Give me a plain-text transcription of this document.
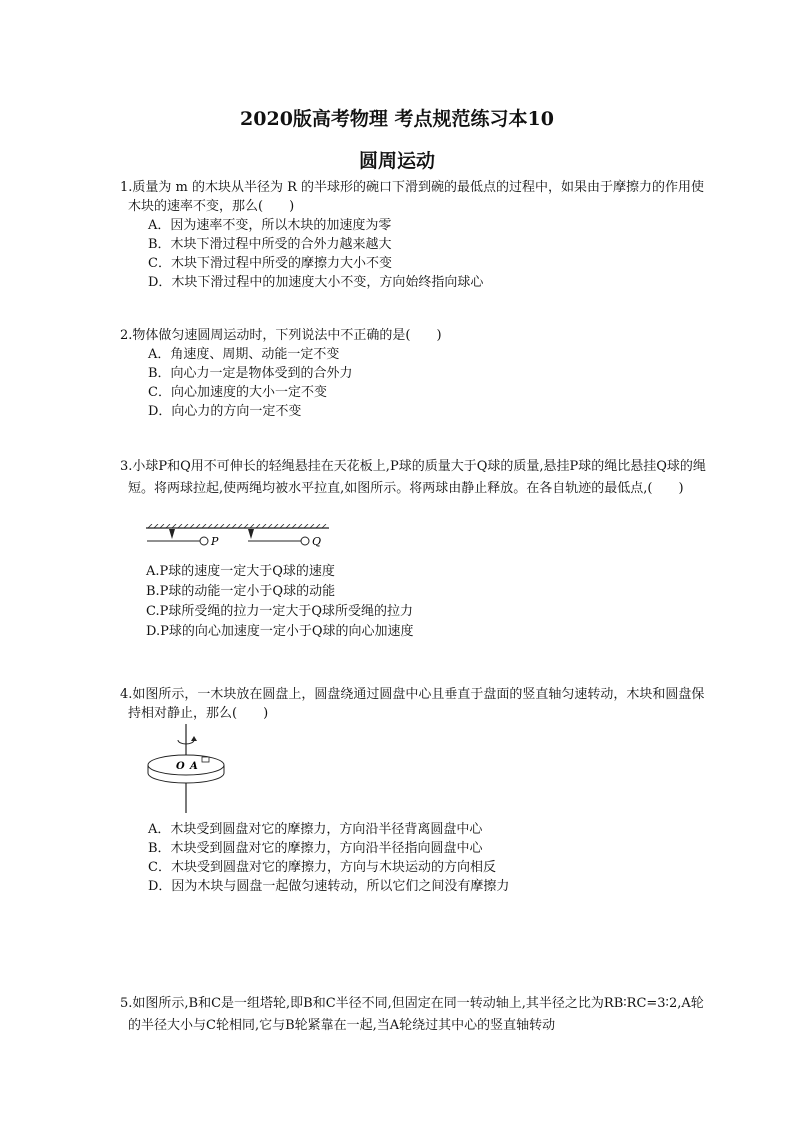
2020版高考物理 考点规范练习本10
圆周运动
1.质量为 m 的木块从半径为 R 的半球形的碗口下滑到碗的最低点的过程中，如果由于摩擦力的作用使木块的速率不变，那么(　　)
A．因为速率不变，所以木块的加速度为零
B．木块下滑过程中所受的合外力越来越大
C．木块下滑过程中所受的摩擦力大小不变
D．木块下滑过程中的加速度大小不变，方向始终指向球心
2.物体做匀速圆周运动时，下列说法中不正确的是(　　)
A．角速度、周期、动能一定不变
B．向心力一定是物体受到的合外力
C．向心加速度的大小一定不变
D．向心力的方向一定不变
3.小球P和Q用不可伸长的轻绳悬挂在天花板上,P球的质量大于Q球的质量,悬挂P球的绳比悬挂Q球的绳短。将两球拉起,使两绳均被水平拉直,如图所示。将两球由静止释放。在各自轨迹的最低点,(　　)
P	Q
A.P球的速度一定大于Q球的速度
B.P球的动能一定小于Q球的动能
C.P球所受绳的拉力一定大于Q球所受绳的拉力
D.P球的向心加速度一定小于Q球的向心加速度
4.如图所示，一木块放在圆盘上，圆盘绕通过圆盘中心且垂直于盘面的竖直轴匀速转动，木块和圆盘保持相对静止，那么(　　)
O A
A．木块受到圆盘对它的摩擦力，方向沿半径背离圆盘中心
B．木块受到圆盘对它的摩擦力，方向沿半径指向圆盘中心
C．木块受到圆盘对它的摩擦力，方向与木块运动的方向相反
D．因为木块与圆盘一起做匀速转动，所以它们之间没有摩擦力
5.如图所示,B和C是一组塔轮,即B和C半径不同,但固定在同一转动轴上,其半径之比为RB∶RC=3∶2,A轮的半径大小与C轮相同,它与B轮紧靠在一起,当A轮绕过其中心的竖直轴转动
